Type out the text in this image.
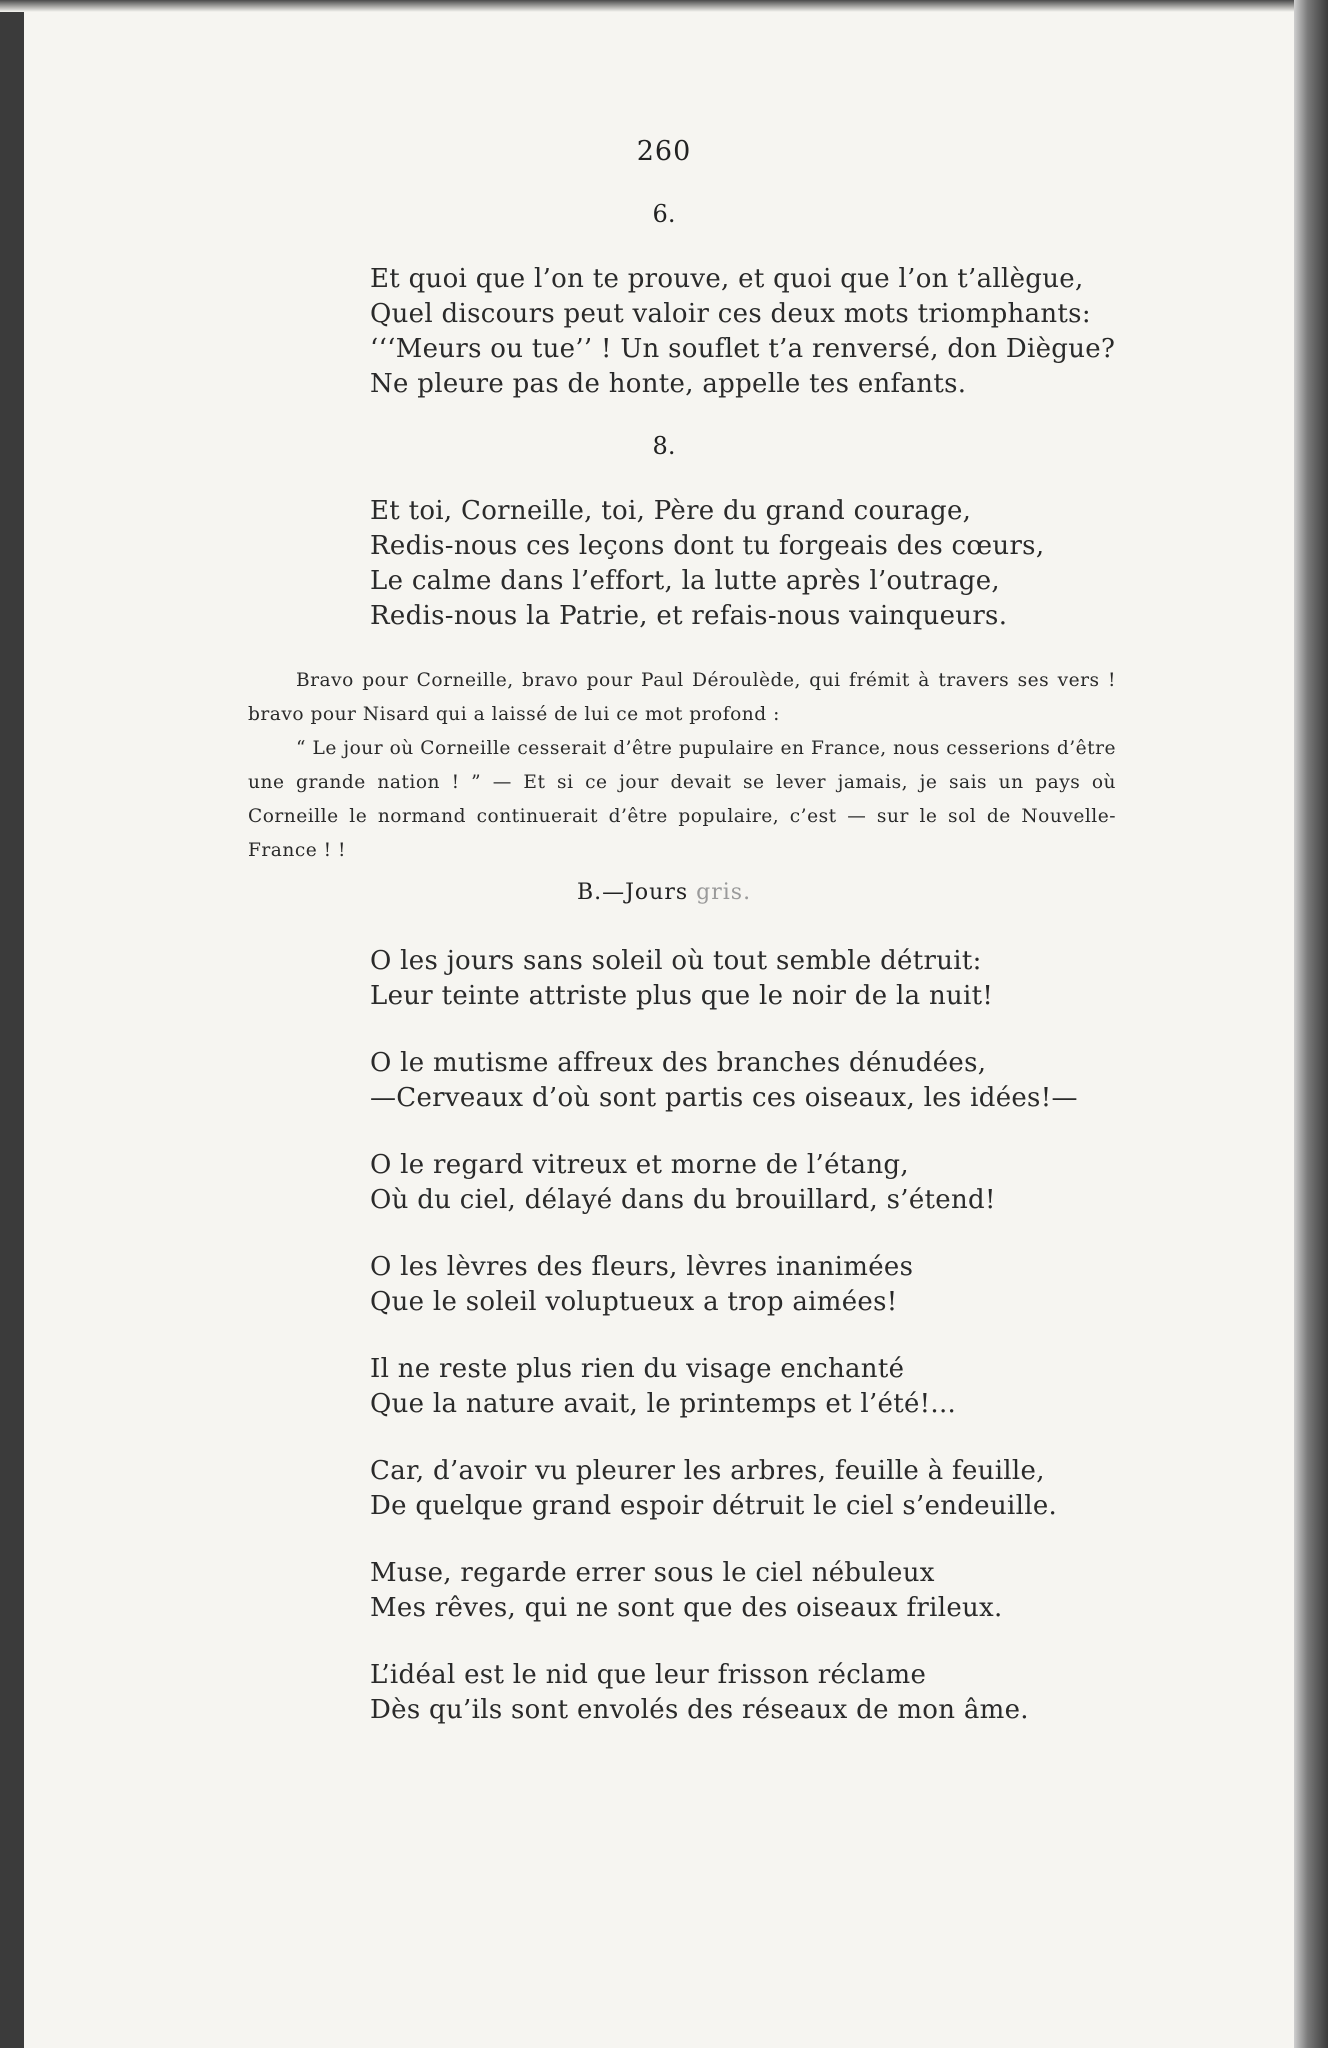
260
6.
Et quoi que l’on te prouve, et quoi que l’on t’allègue,
Quel discours peut valoir ces deux mots triomphants:
‘‘‘Meurs ou tue’’ ! Un souflet t’a renversé, don Diègue?
Ne pleure pas de honte, appelle tes enfants.
8.
Et toi, Corneille, toi, Père du grand courage,
Redis-nous ces leçons dont tu forgeais des cœurs,
Le calme dans l’effort, la lutte après l’outrage,
Redis-nous la Patrie, et refais-nous vainqueurs.

Bravo pour Corneille, bravo pour Paul Déroulède, qui frémit à travers ses vers ! bravo pour Nisard qui a laissé de lui ce mot profond :

“ Le jour où Corneille cesserait d’être pupulaire en France, nous cesserions d’être une grande nation ! ” — Et si ce jour devait se lever jamais, je sais un pays où Corneille le normand continuerait d’être populaire, c’est — sur le sol de Nouvelle-France ! !

B.—Jours gris.
O les jours sans soleil où tout semble détruit:
Leur teinte attriste plus que le noir de la nuit!
O le mutisme affreux des branches dénudées,
—Cerveaux d’où sont partis ces oiseaux, les idées!—
O le regard vitreux et morne de l’étang,
Où du ciel, délayé dans du brouillard, s’étend!
O les lèvres des fleurs, lèvres inanimées
Que le soleil voluptueux a trop aimées!
Il ne reste plus rien du visage enchanté
Que la nature avait, le printemps et l’été!...
Car, d’avoir vu pleurer les arbres, feuille à feuille,
De quelque grand espoir détruit le ciel s’endeuille.
Muse, regarde errer sous le ciel nébuleux
Mes rêves, qui ne sont que des oiseaux frileux.
L’idéal est le nid que leur frisson réclame
Dès qu’ils sont envolés des réseaux de mon âme.
